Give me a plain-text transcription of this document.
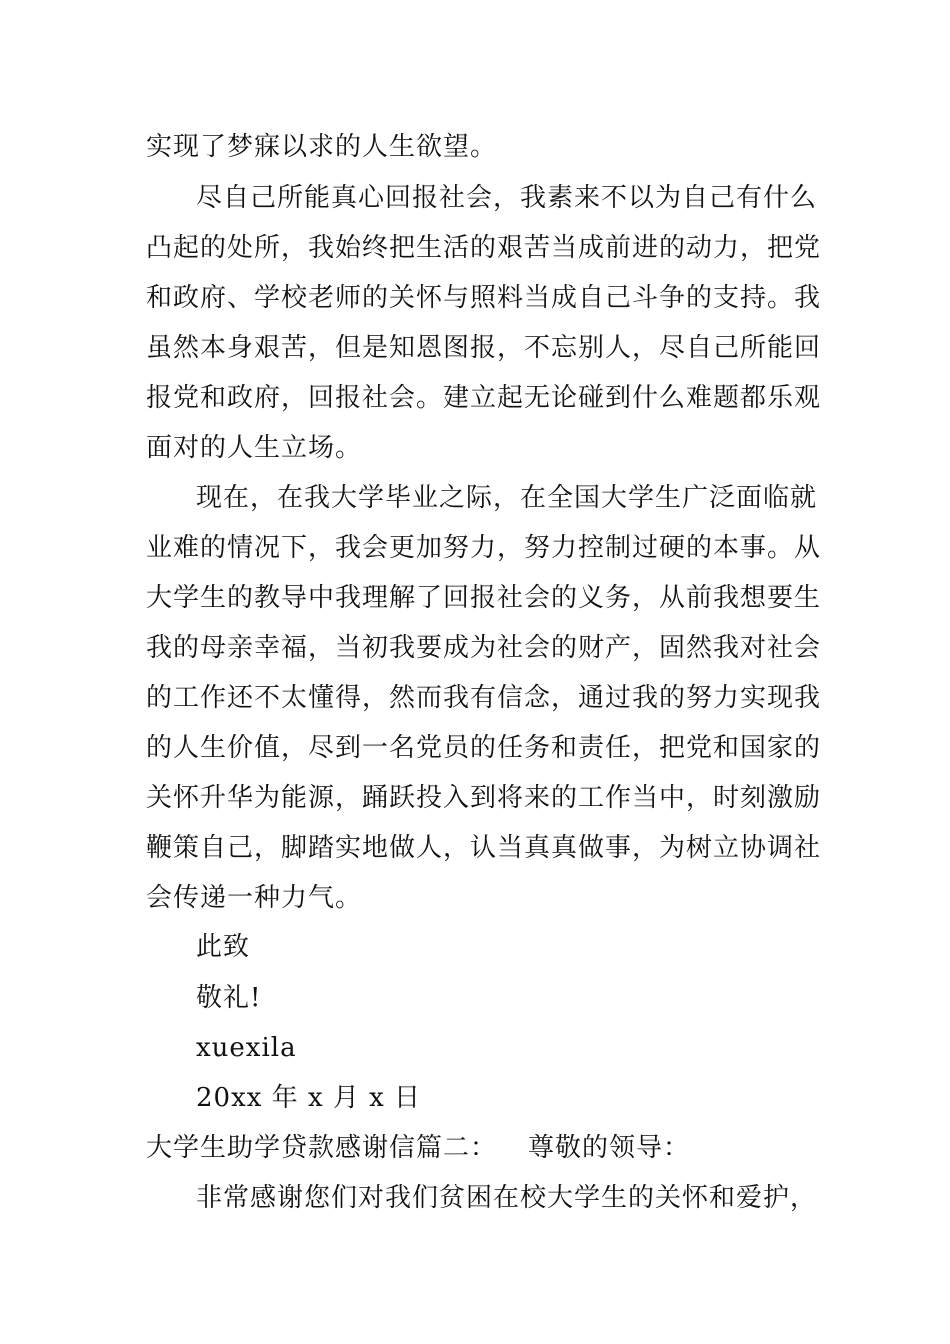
实现了梦寐以求的人生欲望。
尽自己所能真心回报社会，我素来不以为自己有什么
凸起的处所，我始终把生活的艰苦当成前进的动力，把党
和政府、学校老师的关怀与照料当成自己斗争的支持。我
虽然本身艰苦，但是知恩图报，不忘别人，尽自己所能回
报党和政府，回报社会。建立起无论碰到什么难题都乐观
面对的人生立场。
现在，在我大学毕业之际，在全国大学生广泛面临就
业难的情况下，我会更加努力，努力控制过硬的本事。从
大学生的教导中我理解了回报社会的义务，从前我想要生
我的母亲幸福，当初我要成为社会的财产，固然我对社会
的工作还不太懂得，然而我有信念，通过我的努力实现我
的人生价值，尽到一名党员的任务和责任，把党和国家的
关怀升华为能源，踊跃投入到将来的工作当中，时刻激励
鞭策自己，脚踏实地做人，认当真真做事，为树立协调社
会传递一种力气。
此致
敬礼!
xuexila
20xx 年 x 月 x 日
大学生助学贷款感谢信篇二：	尊敬的领导：
非常感谢您们对我们贫困在校大学生的关怀和爱护，
